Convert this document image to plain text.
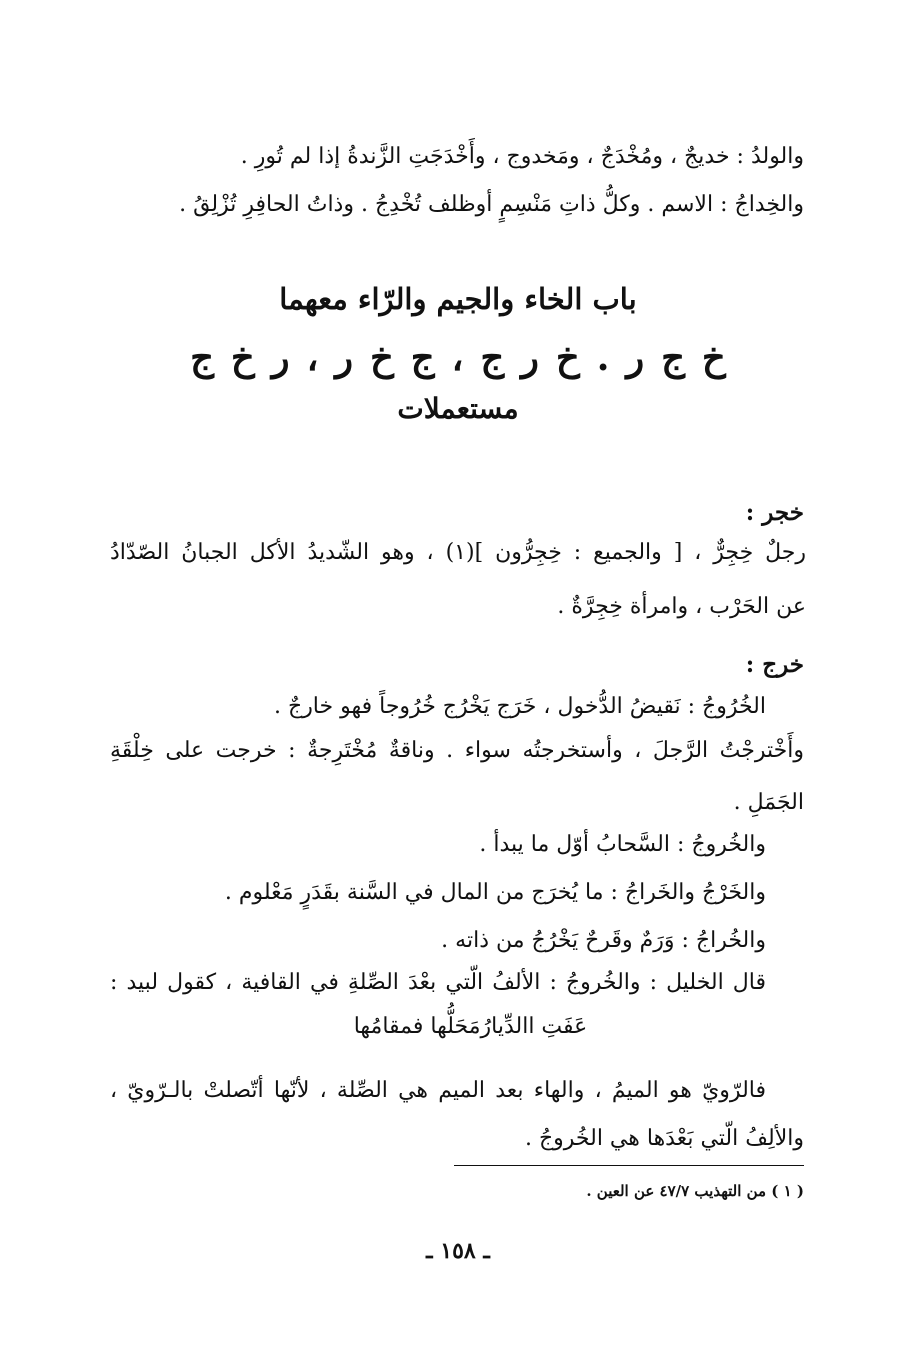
والولدُ : خديجٌ ، ومُخْدَجٌ ، ومَخدوج ، وأَخْدَجَتِ الزَّندةُ إذا لم تُورِ .
والخِداجُ : الاسم . وكلُّ ذاتِ مَنْسِمٍ أوظلف تُخْدِجُ . وذاتُ الحافِرِ تُزْلِقُ .
باب الخاء والجيم والرّاء معهما
خ ج ر . خ ر ج ، ج خ ر ، ر خ ج
مستعملات
خجر :
رجلٌ خِجِرٌّ ، [ والجميع : خِجِرُّون ](١) ، وهو الشّديدُ الأكل الجبانُ الصّدّادُ
عن الحَرْب ، وامرأة خِجِرَّةٌ .
خرج :
الخُرُوجُ : نَقيضُ الدُّخول ، خَرَج يَخْرُج خُرُوجاً فهو خارجٌ .
وأَخْترجْتُ الرَّجلَ ، وأستخرجتُه سواء . وناقةٌ مُخْتَرِجةٌ : خرجت على خِلْقَةِ
الجَمَلِ .
والخُروجُ : السَّحابُ أوّل ما يبدأ .
والخَرْجُ والخَراجُ : ما يُخرَج من المال في السَّنة بقَدَرٍ مَعْلوم .
والخُراجُ : وَرَمٌ وقَرحٌ يَخْرُجُ من ذاته .
قال الخليل : والخُروجُ : الألفُ الّتي بعْدَ الصِّلةِ في القافية ، كقول لبيد :
عَفَتِ االدِّيارُمَحَلُّها فمقامُها
فالرّويّ هو الميمُ ، والهاء بعد الميم هي الصِّلة ، لأنّها أتّصلتْ بالـرّويّ ،
والألِفُ الّتي بَعْدَها هي الخُروجُ .
( ١ ) من التهذيب ٤٧/٧ عن العين .
ـ ١٥٨ ـ
